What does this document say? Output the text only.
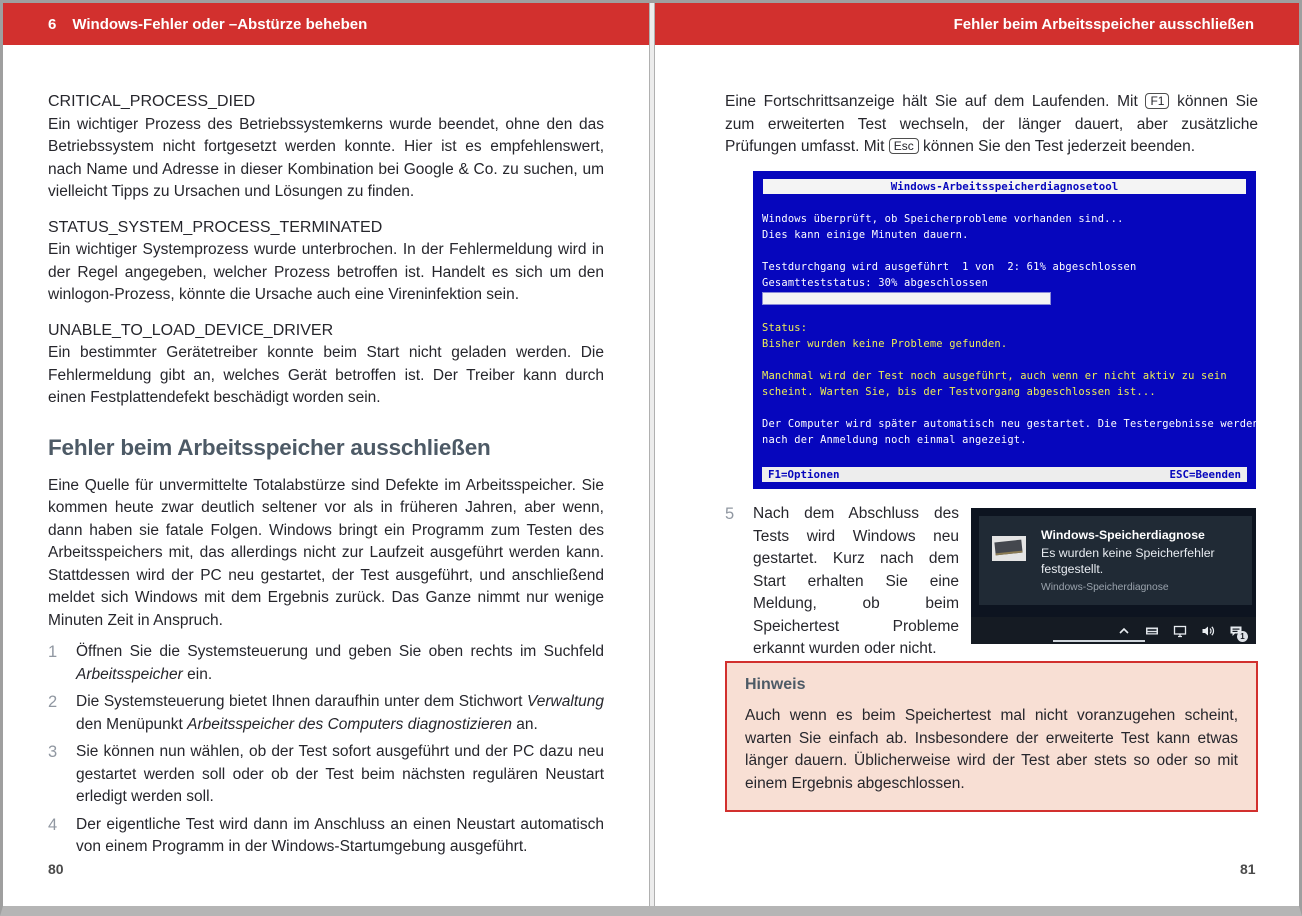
6 Windows-Fehler oder –Abstürze beheben
CRITICAL_PROCESS_DIED

Ein wichtiger Prozess des Betriebssystemkerns wurde beendet, ohne den das Betriebssystem nicht fortgesetzt werden konnte. Hier ist es empfehlenswert, nach Name und Adresse in dieser Kombination bei Google & Co. zu suchen, um vielleicht Tipps zu Ursachen und Lösungen zu finden.

STATUS_SYSTEM_PROCESS_TERMINATED

Ein wichtiger Systemprozess wurde unterbrochen. In der Fehlermeldung wird in der Regel angegeben, welcher Prozess betroffen ist. Handelt es sich um den winlogon-Prozess, könnte die Ursache auch eine Vireninfektion sein.

UNABLE_TO_LOAD_DEVICE_DRIVER

Ein bestimmter Gerätetreiber konnte beim Start nicht geladen werden. Die Fehlermeldung gibt an, welches Gerät betroffen ist. Der Treiber kann durch einen Festplattendefekt beschädigt worden sein.

Fehler beim Arbeitsspeicher ausschließen

Eine Quelle für unvermittelte Totalabstürze sind Defekte im Arbeitsspeicher. Sie kommen heute zwar deutlich seltener vor als in früheren Jahren, aber wenn, dann haben sie fatale Folgen. Windows bringt ein Programm zum Testen des Arbeitsspeichers mit, das allerdings nicht zur Laufzeit ausgeführt werden kann. Stattdessen wird der PC neu gestartet, der Test ausgeführt, und anschließend meldet sich Windows mit dem Ergebnis zurück. Das Ganze nimmt nur wenige Minuten Zeit in Anspruch.

1	Öffnen Sie die Systemsteuerung und geben Sie oben rechts im Suchfeld Arbeitsspeicher ein.

2	Die Systemsteuerung bietet Ihnen daraufhin unter dem Stichwort Verwaltung den Menüpunkt Arbeitsspeicher des Computers diagnostizieren an.

3	Sie können nun wählen, ob der Test sofort ausgeführt und der PC dazu neu gestartet werden soll oder ob der Test beim nächsten regulären Neustart erledigt werden soll.

4	Der eigentliche Test wird dann im Anschluss an einen Neustart automatisch von einem Programm in der Windows-Startumgebung ausgeführt.

80
Fehler beim Arbeitsspeicher ausschließen

Eine Fortschrittsanzeige hält Sie auf dem Laufenden. Mit F1 können Sie zum erweiterten Test wechseln, der länger dauert, aber zusätzliche Prüfungen umfasst. Mit Esc können Sie den Test jederzeit beenden.

Windows-Arbeitsspeicherdiagnosetool
Windows überprüft, ob Speicherprobleme vorhanden sind...
Dies kann einige Minuten dauern.
Testdurchgang wird ausgeführt  1 von  2: 61% abgeschlossen
Gesamtteststatus: 30% abgeschlossen
Status:
Bisher wurden keine Probleme gefunden.
Manchmal wird der Test noch ausgeführt, auch wenn er nicht aktiv zu sein
scheint. Warten Sie, bis der Testvorgang abgeschlossen ist...
Der Computer wird später automatisch neu gestartet. Die Testergebnisse werden
nach der Anmeldung noch einmal angezeigt.
F1=Optionen	ESC=Beenden
5	Nach dem Abschluss des Tests wird Windows neu gestartet. Kurz nach dem Start erhalten Sie eine Meldung, ob beim Speichertest Probleme erkannt wurden oder nicht.

Windows-Speicherdiagnose

Es wurden keine Speicherfehler festgestellt.

Windows-Speicherdiagnose
1
Hinweis

Auch wenn es beim Speichertest mal nicht voranzugehen scheint, warten Sie einfach ab. Insbesondere der erweiterte Test kann etwas länger dauern. Üblicherweise wird der Test aber stets so oder so mit einem Ergebnis abgeschlossen.

81
